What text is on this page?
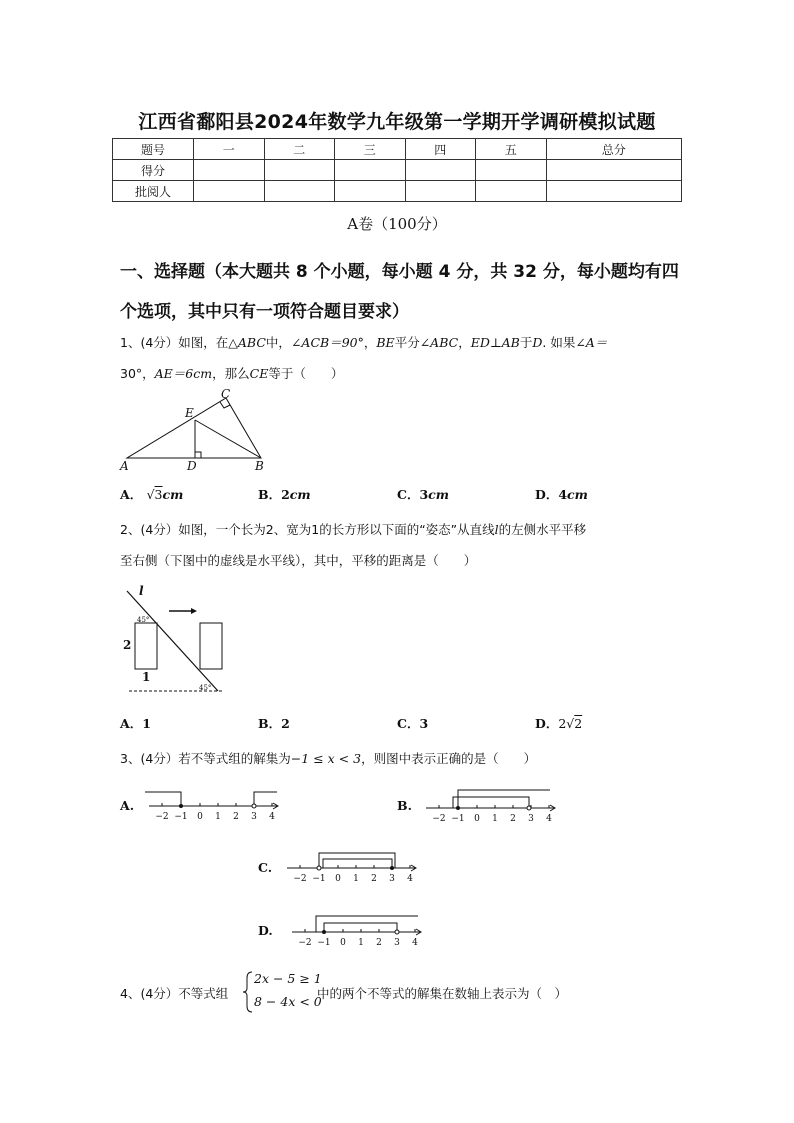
江西省鄱阳县2024年数学九年级第一学期开学调研模拟试题
题号	一	二	三	四	五	总分
得分						
批阅人						
A卷（100分）
一、选择题（本大题共 8 个小题，每小题 4 分，共 32 分，每小题均有四个选项，其中只有一项符合题目要求）
1、(4分）如图，在△ABC中，∠ACB＝90°，BE平分∠ABC，ED⊥AB于D. 如果∠A＝
30°，AE＝6cm，那么CE等于（　　）
A	D	B
E
C
A． √3cm	B．2cm	C．3cm	D．4cm
2、(4分）如图，一个长为2、宽为1的长方形以下面的“姿态”从直线l的左侧水平平移
至右侧（下图中的虚线是水平线），其中，平移的距离是（　　）
l
45°
2
1
45°
A．1	B．2	C．3	D．2√2
3、(4分）若不等式组的解集为−1 ≤ x < 3，则图中表示正确的是（　　）
A.
−2 −1 0 1 2 3 4
B.
−2 −1 0 1 2 3 4
C.
−2 −1 0 1 2 3 4
D.
−2 −1 0 1 2 3 4
4、(4分）不等式组
2x − 5 ≥ 1
8 − 4x < 0
中的两个不等式的解集在数轴上表示为（　）
